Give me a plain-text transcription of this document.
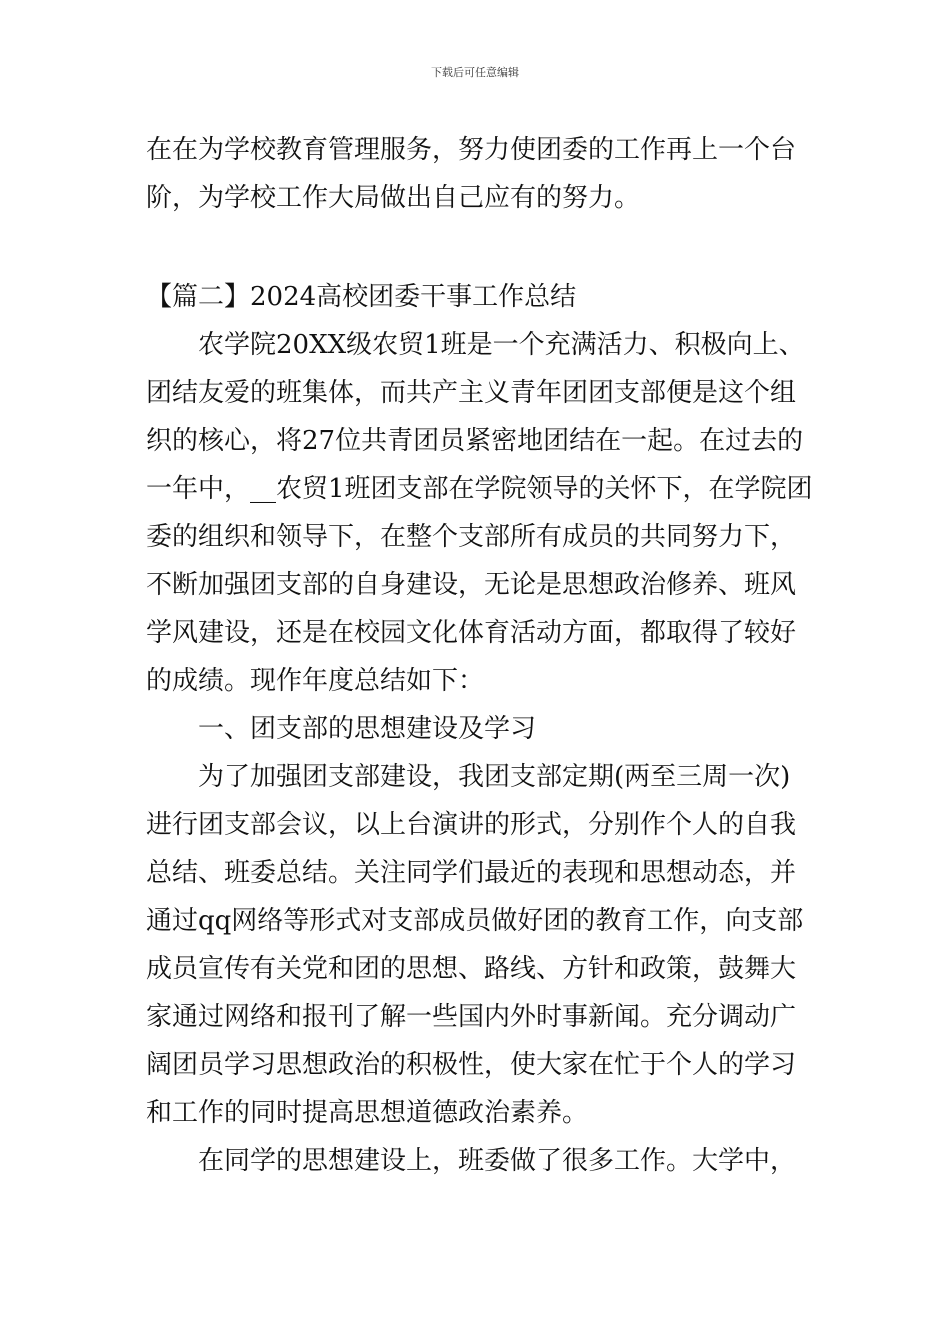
下载后可任意编辑
在在为学校教育管理服务，努力使团委的工作再上一个台
阶，为学校工作大局做出自己应有的努力。
【篇二】2024高校团委干事工作总结
农学院20XX级农贸1班是一个充满活力、积极向上、
团结友爱的班集体，而共产主义青年团团支部便是这个组
织的核心，将27位共青团员紧密地团结在一起。在过去的
一年中，__农贸1班团支部在学院领导的关怀下，在学院团
委的组织和领导下，在整个支部所有成员的共同努力下，
不断加强团支部的自身建设，无论是思想政治修养、班风
学风建设，还是在校园文化体育活动方面，都取得了较好
的成绩。现作年度总结如下：
一、团支部的思想建设及学习
为了加强团支部建设，我团支部定期(两至三周一次)
进行团支部会议，以上台演讲的形式，分别作个人的自我
总结、班委总结。关注同学们最近的表现和思想动态，并
通过qq网络等形式对支部成员做好团的教育工作，向支部
成员宣传有关党和团的思想、路线、方针和政策，鼓舞大
家通过网络和报刊了解一些国内外时事新闻。充分调动广
阔团员学习思想政治的积极性，使大家在忙于个人的学习
和工作的同时提高思想道德政治素养。
在同学的思想建设上，班委做了很多工作。大学中，
